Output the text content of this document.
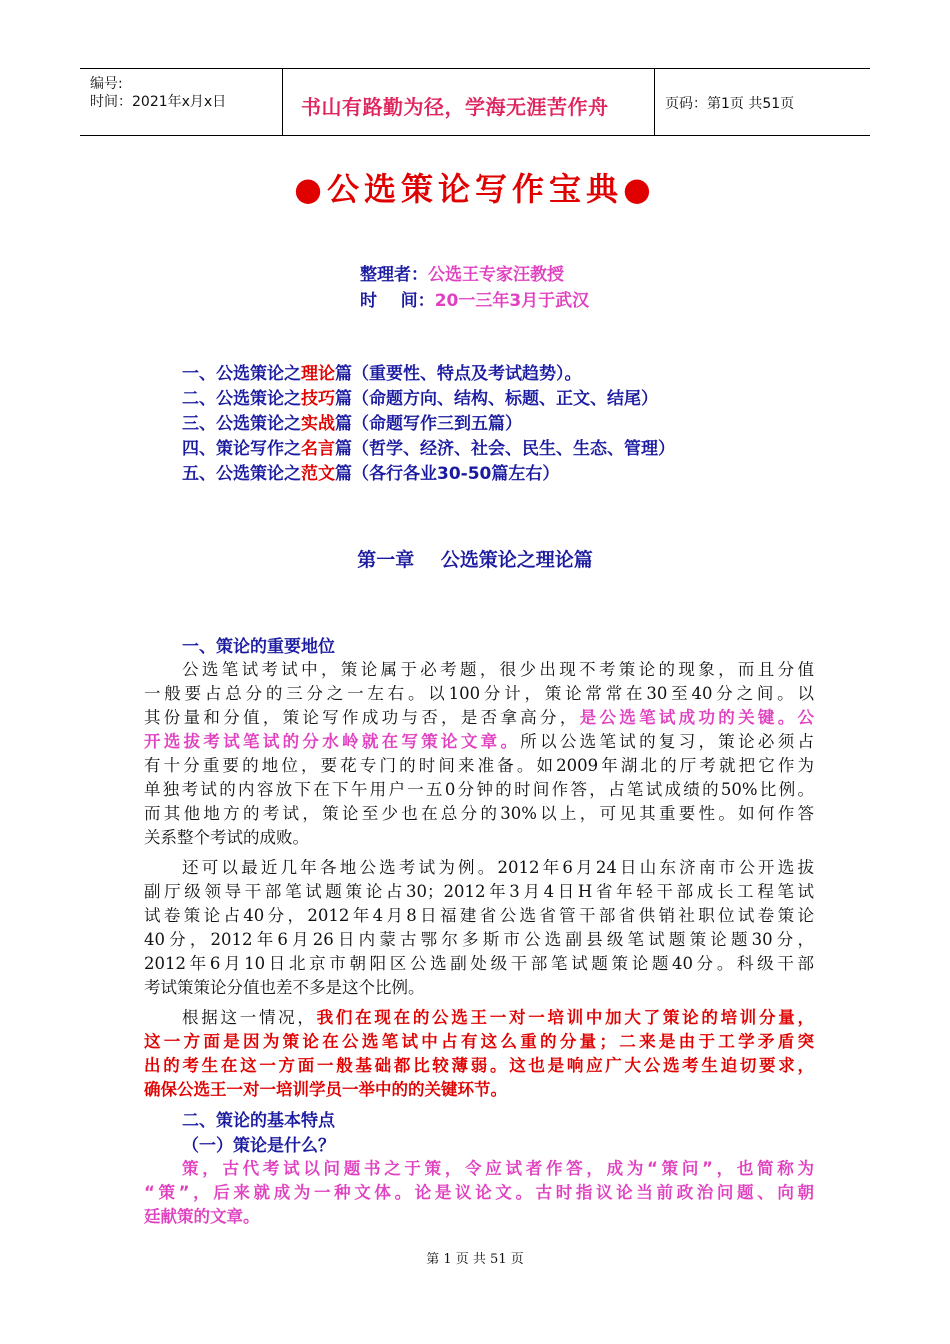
编号:
时间：2021年x月x日	书山有路勤为径，学海无涯苦作舟	页码：第1页 共51页
●公选策论写作宝典●
整理者：公选王专家汪教授
时    间：20一三年3月于武汉
一、公选策论之理论篇（重要性、特点及考试趋势）。
二、公选策论之技巧篇（命题方向、结构、标题、正文、结尾）
三、公选策论之实战篇（命题写作三到五篇）
四、策论写作之名言篇（哲学、经济、社会、民生、生态、管理）
五、公选策论之范文篇（各行各业30-50篇左右）
第一章    公选策论之理论篇
一、策论的重要地位
公选笔试考试中，策论属于必考题，很少出现不考策论的现象，而且分值
一般要占总分的三分之一左右。以100分计，策论常常在30至40分之间。以
其份量和分值，策论写作成功与否，是否拿高分，是公选笔试成功的关键。公
开选拔考试笔试的分水岭就在写策论文章。所以公选笔试的复习，策论必须占
有十分重要的地位，要花专门的时间来准备。如2009年湖北的厅考就把它作为
单独考试的内容放下在下午用户一五0分钟的时间作答，占笔试成绩的50%比例。
而其他地方的考试，策论至少也在总分的30%以上，可见其重要性。如何作答
关系整个考试的成败。
还可以最近几年各地公选考试为例。2012年6月24日山东济南市公开选拔
副厅级领导干部笔试题策论占30；2012年3月4日H省年轻干部成长工程笔试
试卷策论占40分，2012年4月8日福建省公选省管干部省供销社职位试卷策论
40分，2012年6月26日内蒙古鄂尔多斯市公选副县级笔试题策论题30分，
2012年6月10日北京市朝阳区公选副处级干部笔试题策论题40分。科级干部
考试策策论分值也差不多是这个比例。
根据这一情况，我们在现在的公选王一对一培训中加大了策论的培训分量，
这一方面是因为策论在公选笔试中占有这么重的分量；二来是由于工学矛盾突
出的考生在这一方面一般基础都比较薄弱。这也是响应广大公选考生迫切要求，
确保公选王一对一培训学员一举中的的关键环节。
二、策论的基本特点
（一）策论是什么？
策，古代考试以问题书之于策，令应试者作答，成为“策问”，也简称为
“策”，后来就成为一种文体。论是议论文。古时指议论当前政治问题、向朝
廷献策的文章。
第 1 页 共 51 页
